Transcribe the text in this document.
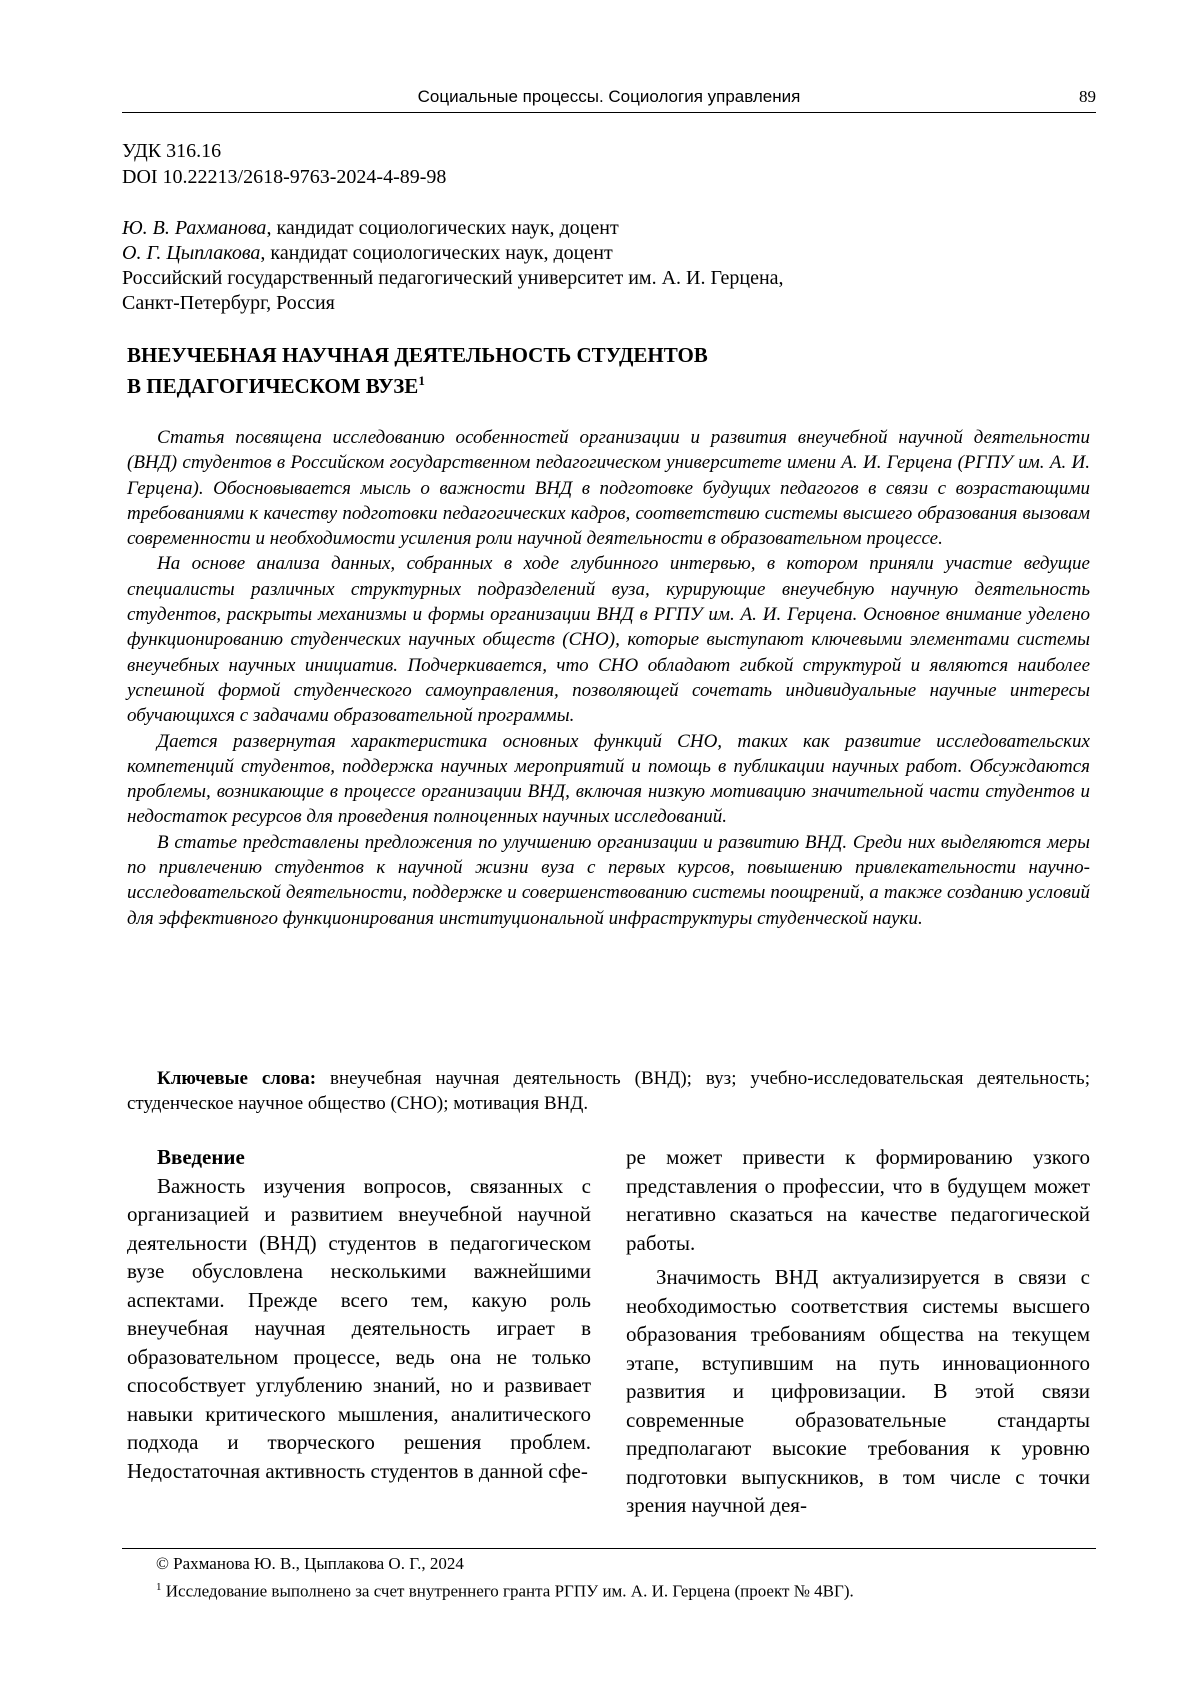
Социальные процессы. Социология управления	89
УДК 316.16
DOI 10.22213/2618-9763-2024-4-89-98
Ю. В. Рахманова, кандидат социологических наук, доцент
О. Г. Цыплакова, кандидат социологических наук, доцент
Российский государственный педагогический университет им. А. И. Герцена,
Санкт-Петербург, Россия
ВНЕУЧЕБНАЯ НАУЧНАЯ ДЕЯТЕЛЬНОСТЬ СТУДЕНТОВ
В ПЕДАГОГИЧЕСКОМ ВУЗЕ$^1$

Статья посвящена исследованию особенностей организации и развития внеучебной научной деятельности (ВНД) студентов в Российском государственном педагогическом университете имени А. И. Герцена (РГПУ им. А. И. Герцена). Обосновывается мысль о важности ВНД в подготовке будущих педагогов в связи с возрастающими требованиями к качеству подготовки педагогических кадров, соответствию системы высшего образования вызовам современности и необходимости усиления роли научной деятельности в образовательном процессе.

На основе анализа данных, собранных в ходе глубинного интервью, в котором приняли участие ведущие специалисты различных структурных подразделений вуза, курирующие внеучебную научную деятельность студентов, раскрыты механизмы и формы организации ВНД в РГПУ им. А. И. Герцена. Основное внимание уделено функционированию студенческих научных обществ (СНО), которые выступают ключевыми элементами системы внеучебных научных инициатив. Подчеркивается, что СНО обладают гибкой структурой и являются наиболее успешной формой студенческого самоуправления, позволяющей сочетать индивидуальные научные интересы обучающихся с задачами образовательной программы.

Дается развернутая характеристика основных функций СНО, таких как развитие исследовательских компетенций студентов, поддержка научных мероприятий и помощь в публикации научных работ. Обсуждаются проблемы, возникающие в процессе организации ВНД, включая низкую мотивацию значительной части студентов и недостаток ресурсов для проведения полноценных научных исследований.

В статье представлены предложения по улучшению организации и развитию ВНД. Среди них выделяются меры по привлечению студентов к научной жизни вуза с первых курсов, повышению привлекательности научно-исследовательской деятельности, поддержке и совершенствованию системы поощрений, а также созданию условий для эффективного функционирования институциональной инфраструктуры студенческой науки.

Ключевые слова: внеучебная научная деятельность (ВНД); вуз; учебно-исследовательская деятельность; студенческое научное общество (СНО); мотивация ВНД.

Введение

Важность изучения вопросов, связанных с организацией и развитием внеучебной научной деятельности (ВНД) студентов в педагогическом вузе обусловлена несколькими важнейшими аспектами. Прежде всего тем, какую роль внеучебная научная деятельность играет в образовательном процессе, ведь она не только способствует углублению знаний, но и развивает навыки критического мышления, аналитического подхода и творческого решения проблем. Недостаточная активность студентов в данной сфе-

ре может привести к формированию узкого представления о профессии, что в будущем может негативно сказаться на качестве педагогической работы.

Значимость ВНД актуализируется в связи с необходимостью соответствия системы высшего образования требованиям общества на текущем этапе, вступившим на путь инновационного развития и цифровизации. В этой связи современные образовательные стандарты предполагают высокие требования к уровню подготовки выпускников, в том числе с точки зрения научной дея-

© Рахманова Ю. В., Цыплакова О. Г., 2024
$^1$ Исследование выполнено за счет внутреннего гранта РГПУ им. А. И. Герцена (проект № 4ВГ).
